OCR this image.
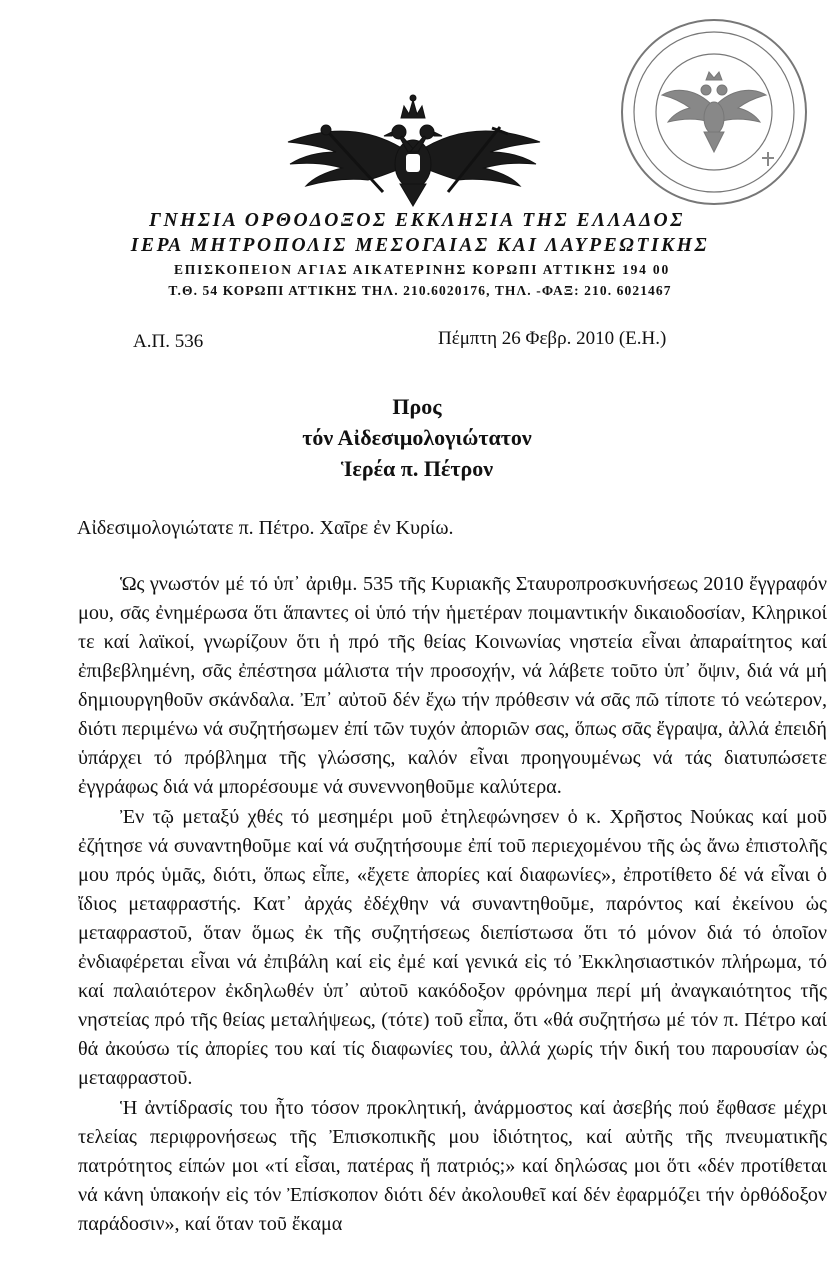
ΓΝΗΣΙΑ ΟΡΘΟΔΟΞΟΣ ΕΚΚΛΗΣΙΑ ΤΗΣ ΕΛΛΑΔΟΣ
ΙΕΡΑ ΜΗΤΡΟΠΟΛΙΣ ΜΕΣΟΓΑΙΑΣ ΚΑΙ ΛΑΥΡΕΩΤΙΚΗΣ
ΕΠΙΣΚΟΠΕΙΟΝ ΑΓΙΑΣ ΑΙΚΑΤΕΡΙΝΗΣ ΚΟΡΩΠΙ ΑΤΤΙΚΗΣ 194 00
Τ.Θ. 54 ΚΟΡΩΠΙ ΑΤΤΙΚΗΣ ΤΗΛ. 210.6020176, ΤΗΛ. -ΦΑΞ: 210. 6021467
Α.Π. 536	Πέμπτη 26 Φεβρ. 2010 (Ε.Η.)
Προς
τόν Αἰδεσιμολογιώτατον
Ἱερέα π. Πέτρον
Αἰδεσιμολογιώτατε π. Πέτρο. Χαῖρε ἐν Κυρίω.

Ὡς γνωστόν μέ τό ὑπ᾽ ἀριθμ. 535 τῆς Κυριακῆς Σταυροπροσκυνήσεως 2010 ἔγγραφόν μου, σᾶς ἐνημέρωσα ὅτι ἅπαντες οἱ ὑπό τήν ἡμετέραν ποιμαντικήν δικαιοδοσίαν, Κληρικοί τε καί λαϊκοί, γνωρίζουν ὅτι ἡ πρό τῆς θείας Κοινωνίας νηστεία εἶναι ἀπαραίτητος καί ἐπιβεβλημένη, σᾶς ἐπέστησα μάλιστα τήν προσοχήν, νά λάβετε τοῦτο ὑπ᾽ ὄψιν, διά νά μή δημιουργηθοῦν σκάνδαλα. Ἐπ᾽ αὐτοῦ δέν ἔχω τήν πρόθεσιν νά σᾶς πῶ τίποτε τό νεώτερον, διότι περιμένω νά συζητήσωμεν ἐπί τῶν τυχόν ἀποριῶν σας, ὅπως σᾶς ἔγραψα, ἀλλά ἐπειδή ὑπάρχει τό πρόβλημα τῆς γλώσσης, καλόν εἶναι προηγουμένως νά τάς διατυπώσετε ἐγγράφως διά νά μπορέσουμε νά συνεννοηθοῦμε καλύτερα.

Ἐν τῷ μεταξύ χθές τό μεσημέρι μοῦ ἐτηλεφώνησεν ὁ κ. Χρῆστος Νούκας καί μοῦ ἐζήτησε νά συναντηθοῦμε καί νά συζητήσουμε ἐπί τοῦ περιεχομένου τῆς ὡς ἄνω ἐπιστολῆς μου πρός ὑμᾶς, διότι, ὅπως εἶπε, «ἔχετε ἀπορίες καί διαφωνίες», ἐπροτίθετο δέ νά εἶναι ὁ ἴδιος μεταφραστής. Κατ᾽ ἀρχάς ἐδέχθην νά συναντηθοῦμε, παρόντος καί ἐκείνου ὡς μεταφραστοῦ, ὅταν ὅμως ἐκ τῆς συζητήσεως διεπίστωσα ὅτι τό μόνον διά τό ὁποῖον ἐνδιαφέρεται εἶναι νά ἐπιβάλη καί εἰς ἐμέ καί γενικά εἰς τό Ἐκκλησιαστικόν πλήρωμα, τό καί παλαιότερον ἐκδηλωθέν ὑπ᾽ αὐτοῦ κακόδοξον φρόνημα περί μή ἀναγκαιότητος τῆς νηστείας πρό τῆς θείας μεταλήψεως, (τότε) τοῦ εἶπα, ὅτι «θά συζητήσω μέ τόν π. Πέτρο καί θά ἀκούσω τίς ἀπορίες του καί τίς διαφωνίες του, ἀλλά χωρίς τήν δική του παρουσίαν ὡς μεταφραστοῦ.

Ἡ ἀντίδρασίς του ἦτο τόσον προκλητική, ἀνάρμοστος καί ἀσεβής πού ἔφθασε μέχρι τελείας περιφρονήσεως τῆς Ἐπισκοπικῆς μου ἰδιότητος, καί αὐτῆς τῆς πνευματικῆς πατρότητος είπών μοι «τί εἶσαι, πατέρας ἤ πατριός;» καί δηλώσας μοι ὅτι «δέν προτίθεται νά κάνη ὑπακοήν εἰς τόν Ἐπίσκοπον διότι δέν ἀκολουθεῖ καί δέν ἐφαρμόζει τήν ὀρθόδοξον παράδοσιν», καί ὅταν τοῦ ἔκαμα
